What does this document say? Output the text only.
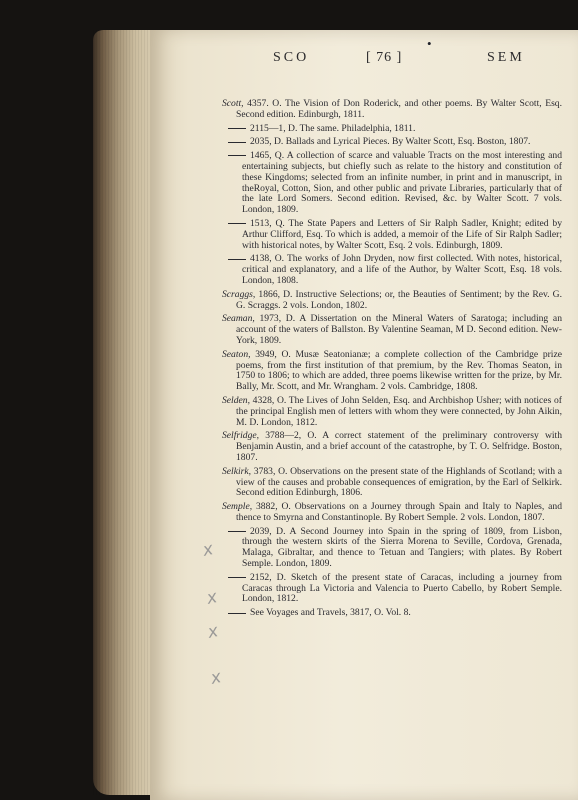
•
SCO	[ 76 ]	SEM
Scott, 4357. O. The Vision of Don Roderick, and other poems. By Walter Scott, Esq. Second edition. Edinburgh, 1811.
2115—1, D. The same. Philadelphia, 1811.
2035, D. Ballads and Lyrical Pieces. By Walter Scott, Esq. Boston, 1807.
1465, Q. A collection of scarce and valuable Tracts on the most interesting and entertaining subjects, but chiefly such as relate to the history and constitution of these Kingdoms; selected from an infinite number, in print and in manuscript, in theRoyal, Cotton, Sion, and other public and private Libraries, particularly that of the late Lord Somers. Second edition. Revised, &c. by Walter Scott. 7 vols. London, 1809.
1513, Q. The State Papers and Letters of Sir Ralph Sadler, Knight; edited by Arthur Clifford, Esq. To which is added, a memoir of the Life of Sir Ralph Sadler; with historical notes, by Walter Scott, Esq. 2 vols. Edinburgh, 1809.
4138, O. The works of John Dryden, now first collected. With notes, historical, critical and explanatory, and a life of the Author, by Walter Scott, Esq. 18 vols. London, 1808.
Scraggs, 1866, D. Instructive Selections; or, the Beauties of Sentiment; by the Rev. G. G. Scraggs. 2 vols. London, 1802.
Seaman, 1973, D. A Dissertation on the Mineral Waters of Saratoga; including an account of the waters of Ballston. By Valentine Seaman, M D. Second edition. New-York, 1809.
Seaton, 3949, O. Musæ Seatonianæ; a complete collection of the Cambridge prize poems, from the first institution of that premium, by the Rev. Thomas Seaton, in 1750 to 1806; to which are added, three poems likewise written for the prize, by Mr. Bally, Mr. Scott, and Mr. Wrangham. 2 vols. Cambridge, 1808.
Selden, 4328, O. The Lives of John Selden, Esq. and Archbishop Usher; with notices of the principal English men of letters with whom they were connected, by John Aikin, M. D. London, 1812.
Selfridge, 3788—2, O. A correct statement of the preliminary controversy with Benjamin Austin, and a brief account of the catastrophe, by T. O. Selfridge. Boston, 1807.
Selkirk, 3783, O. Observations on the present state of the Highlands of Scotland; with a view of the causes and probable consequences of emigration, by the Earl of Selkirk. Second edition Edinburgh, 1806.
Semple, 3882, O. Observations on a Journey through Spain and Italy to Naples, and thence to Smyrna and Constantinople. By Robert Semple. 2 vols. London, 1807.
2039, D. A Second Journey into Spain in the spring of 1809, from Lisbon, through the western skirts of the Sierra Morena to Seville, Cordova, Grenada, Malaga, Gibraltar, and thence to Tetuan and Tangiers; with plates. By Robert Semple. London, 1809.
2152, D. Sketch of the present state of Caracas, including a journey from Caracas through La Victoria and Valencia to Puerto Cabello, by Robert Semple. London, 1812.
See Voyages and Travels, 3817, O. Vol. 8.
x
x
x
x
